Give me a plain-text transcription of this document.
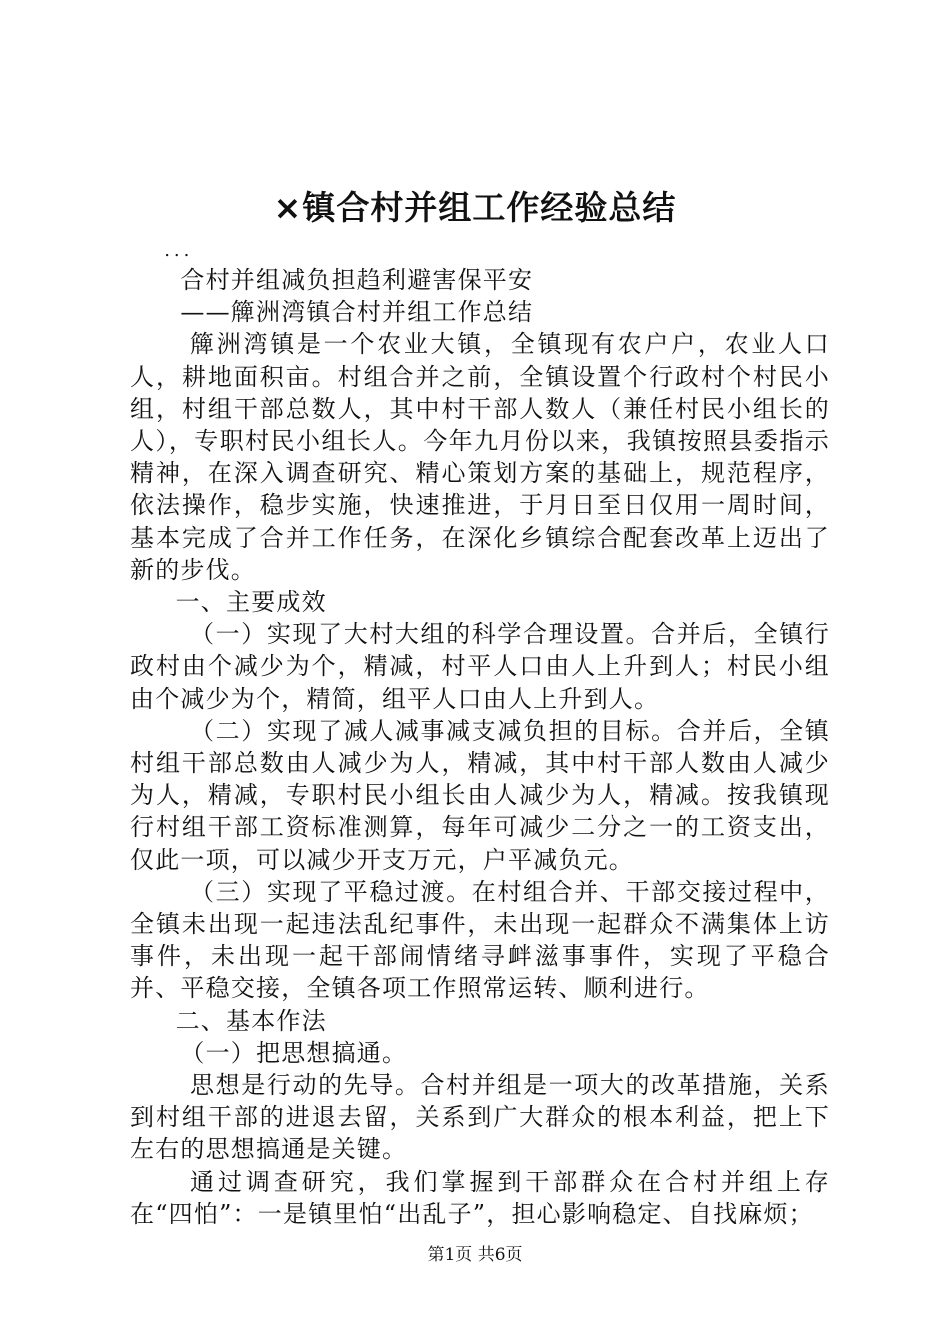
×镇合村并组工作经验总结

...

合村并组减负担趋利避害保平安

——簰洲湾镇合村并组工作总结

簰洲湾镇是一个农业大镇，全镇现有农户户，农业人口人，耕地面积亩。村组合并之前，全镇设置个行政村个村民小组，村组干部总数人，其中村干部人数人（兼任村民小组长的人），专职村民小组长人。今年九月份以来，我镇按照县委指示精神，在深入调查研究、精心策划方案的基础上，规范程序，依法操作，稳步实施，快速推进，于月日至日仅用一周时间，基本完成了合并工作任务，在深化乡镇综合配套改革上迈出了新的步伐。

一、主要成效

（一）实现了大村大组的科学合理设置。合并后，全镇行政村由个减少为个，精减，村平人口由人上升到人；村民小组由个减少为个，精简，组平人口由人上升到人。

（二）实现了减人减事减支减负担的目标。合并后，全镇村组干部总数由人减少为人，精减，其中村干部人数由人减少为人，精减，专职村民小组长由人减少为人，精减。按我镇现行村组干部工资标准测算，每年可减少二分之一的工资支出，仅此一项，可以减少开支万元，户平减负元。

（三）实现了平稳过渡。在村组合并、干部交接过程中，全镇未出现一起违法乱纪事件，未出现一起群众不满集体上访事件，未出现一起干部闹情绪寻衅滋事事件，实现了平稳合并、平稳交接，全镇各项工作照常运转、顺利进行。

二、基本作法

（一）把思想搞通。

思想是行动的先导。合村并组是一项大的改革措施，关系到村组干部的进退去留，关系到广大群众的根本利益，把上下左右的思想搞通是关键。

通过调查研究，我们掌握到干部群众在合村并组上存在“四怕”：一是镇里怕“出乱子”，担心影响稳定、自找麻烦；

第1页 共6页
